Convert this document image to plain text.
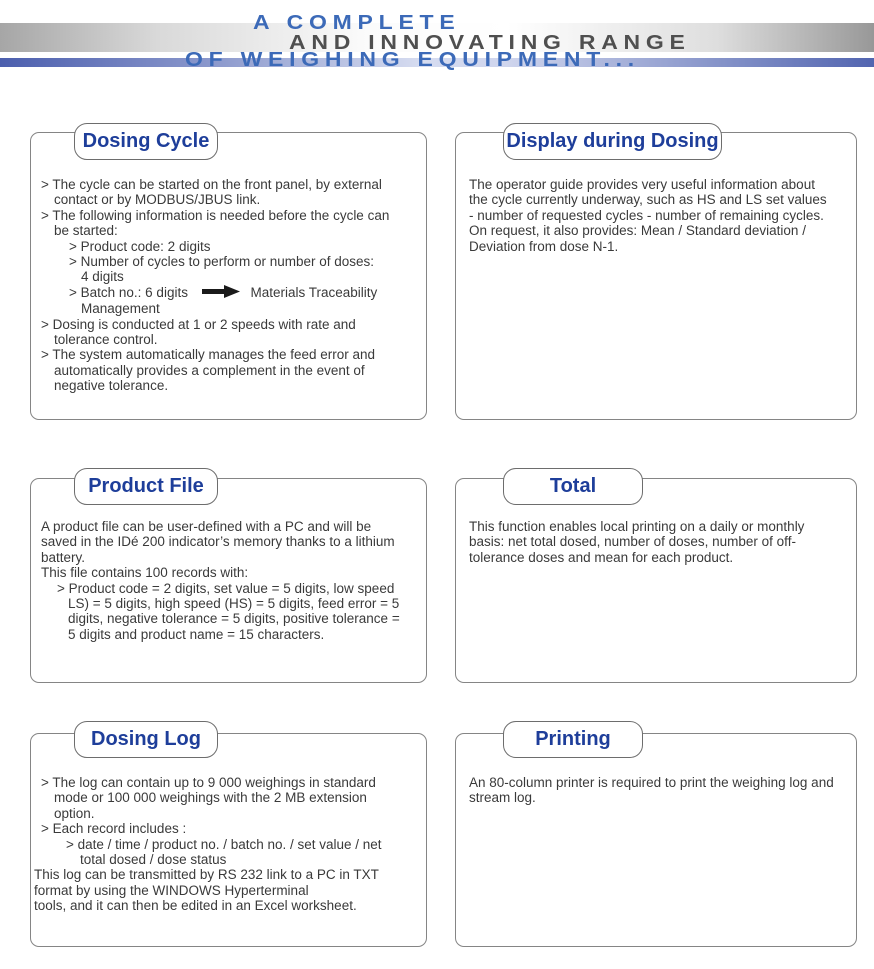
A COMPLETE
AND INNOVATING RANGE
OF WEIGHING EQUIPMENT...
Dosing Cycle
> The cycle can be started on the front panel, by external
contact or by MODBUS/JBUS link.
> The following information is needed before the cycle can
be started:
> Product code: 2 digits
> Number of cycles to perform or number of doses:
4 digits
> Batch no.: 6 digits	Materials Traceability
Management
> Dosing is conducted at 1 or 2 speeds with rate and
tolerance control.
> The system automatically manages the feed error and
automatically provides a complement in the event of
negative tolerance.
Display during Dosing
The operator guide provides very useful information about
the cycle currently underway, such as HS and LS set values
- number of requested cycles - number of remaining cycles.
On request, it also provides: Mean / Standard deviation /
Deviation from dose N-1.
Product File
A product file can be user-defined with a PC and will be
saved in the IDé 200 indicator’s memory thanks to a lithium
battery.
This file contains 100 records with:
> Product code = 2 digits, set value = 5 digits, low speed
LS) = 5 digits, high speed (HS) = 5 digits, feed error = 5
digits, negative tolerance = 5 digits, positive tolerance =
5 digits and product name = 15 characters.
Total
This function enables local printing on a daily or monthly
basis: net total dosed, number of doses, number of off-
tolerance doses and mean for each product.
Dosing Log
> The log can contain up to 9 000 weighings in standard
mode or 100 000 weighings with the 2 MB extension
option.
> Each record includes :
> date / time / product no. / batch no. / set value / net
total dosed / dose status
This log can be transmitted by RS 232 link to a PC in TXT
format by using the WINDOWS Hyperterminal
tools, and it can then be edited in an Excel worksheet.
Printing
An 80-column printer is required to print the weighing log and
stream log.
